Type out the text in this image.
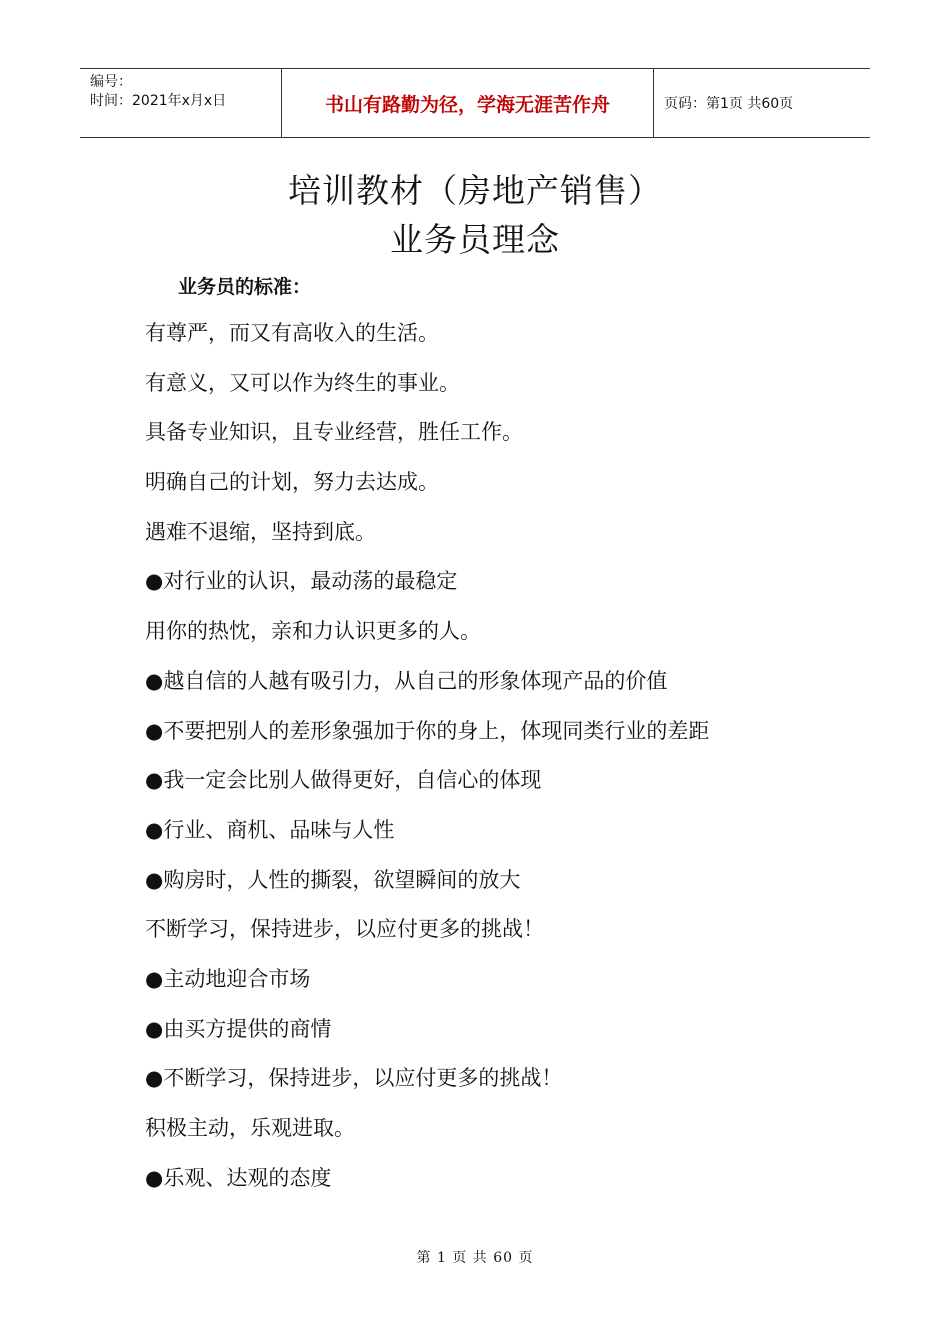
编号：
时间：2021年x月x日	书山有路勤为径，学海无涯苦作舟	页码：第1页 共60页
培训教材（房地产销售）
业务员理念
业务员的标准：
有尊严，而又有高收入的生活。
有意义，又可以作为终生的事业。
具备专业知识，且专业经营，胜任工作。
明确自己的计划，努力去达成。
遇难不退缩，坚持到底。
●对行业的认识，最动荡的最稳定
用你的热忱，亲和力认识更多的人。
●越自信的人越有吸引力，从自己的形象体现产品的价值
●不要把别人的差形象强加于你的身上，体现同类行业的差距
●我一定会比别人做得更好，自信心的体现
●行业、商机、品味与人性
●购房时，人性的撕裂，欲望瞬间的放大
不断学习，保持进步，以应付更多的挑战！
●主动地迎合市场
●由买方提供的商情
●不断学习，保持进步，以应付更多的挑战！
积极主动，乐观进取。
●乐观、达观的态度
第 1 页 共 60 页
